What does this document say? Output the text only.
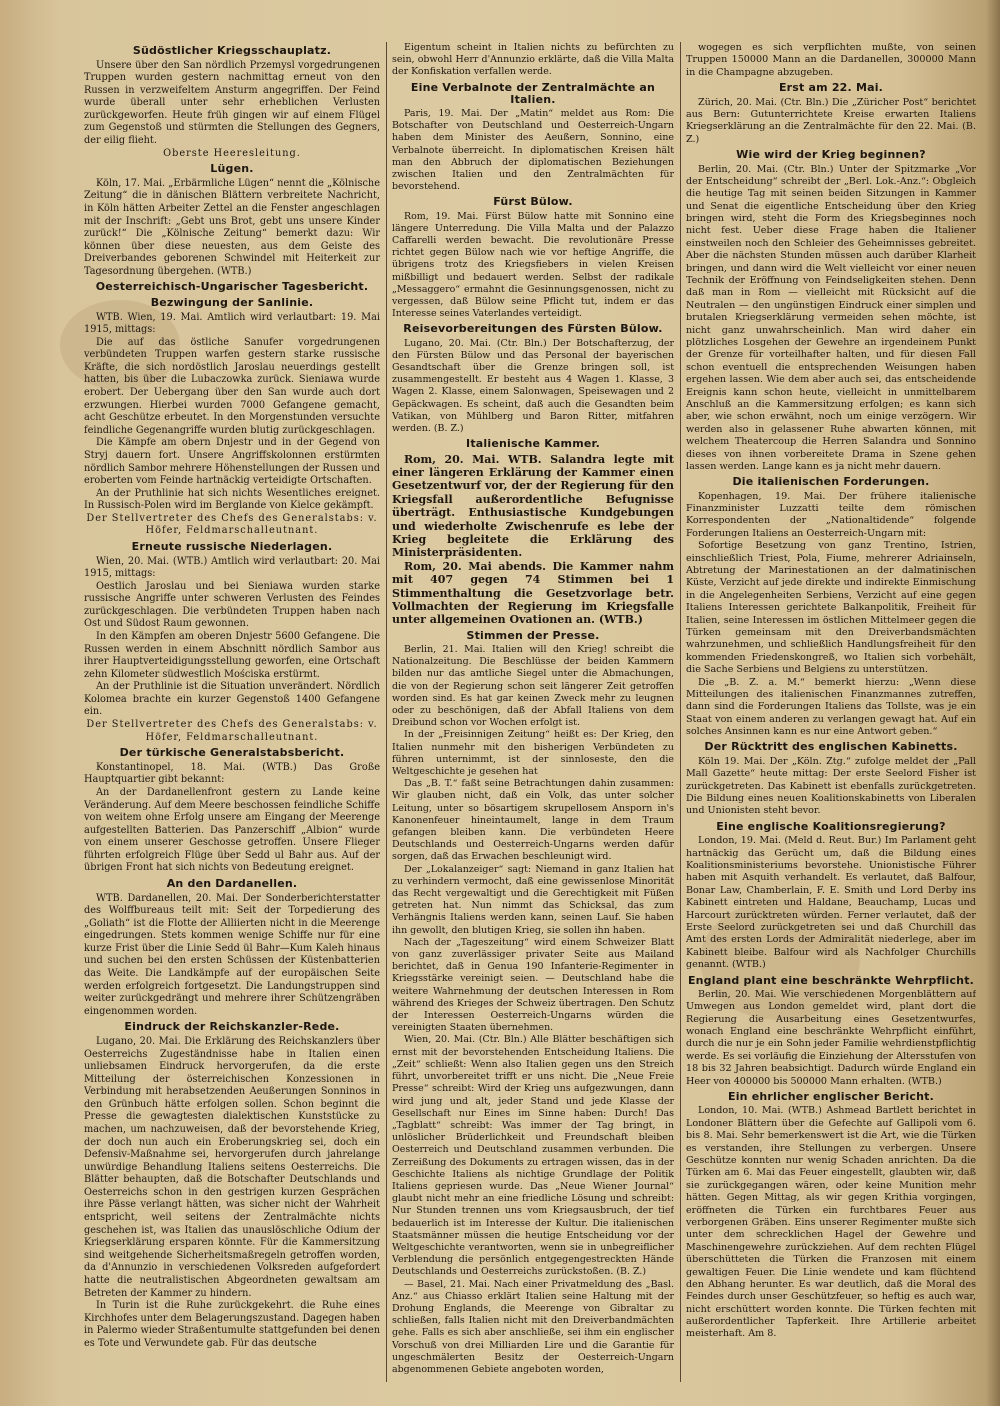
Südöstlicher Kriegsschauplatz.

Unsere über den San nördlich Przemysl vorgedrungenen Truppen wurden gestern nachmittag erneut von den Russen in verzweifeltem Ansturm angegriffen. Der Feind wurde überall unter sehr erheblichen Verlusten zurückgeworfen. Heute früh gingen wir auf einem Flügel zum Gegenstoß und stürmten die Stellungen des Gegners, der eilig flieht.

Oberste Heeresleitung.

Lügen.

Köln, 17. Mai. „Erbärmliche Lügen“ nennt die „Kölnische Zeitung“ die in dänischen Blättern verbreitete Nachricht, in Köln hätten Arbeiter Zettel an die Fenster angeschlagen mit der Inschrift: „Gebt uns Brot, gebt uns unsere Kinder zurück!“ Die „Kölnische Zeitung“ bemerkt dazu: Wir können über diese neuesten, aus dem Geiste des Dreiverbandes geborenen Schwindel mit Heiterkeit zur Tagesordnung übergehen. (WTB.)

Oesterreichisch-Ungarischer Tagesbericht.
Bezwingung der Sanlinie.

WTB. Wien, 19. Mai. Amtlich wird verlautbart: 19. Mai 1915, mittags:

Die auf das östliche Sanufer vorgedrungenen verbündeten Truppen warfen gestern starke russische Kräfte, die sich nordöstlich Jaroslau neuerdings gestellt hatten, bis über die Lubaczowka zurück. Sieniawa wurde erobert. Der Uebergang über den San wurde auch dort erzwungen. Hierbei wurden 7000 Gefangene gemacht, acht Geschütze erbeutet. In den Morgenstunden versuchte feindliche Gegenangriffe wurden blutig zurückgeschlagen.

Die Kämpfe am obern Dnjestr und in der Gegend von Stryj dauern fort. Unsere Angriffskolonnen erstürmten nördlich Sambor mehrere Höhenstellungen der Russen und eroberten vom Feinde hartnäckig verteidigte Ortschaften.

An der Pruthlinie hat sich nichts Wesentliches ereignet. In Russisch-Polen wird im Berglande von Kielce gekämpft.

Der Stellvertreter des Chefs des Generalstabs: v. Höfer, Feldmarschalleutnant.

Erneute russische Niederlagen.

Wien, 20. Mai. (WTB.) Amtlich wird verlautbart: 20. Mai 1915, mittags:

Oestlich Jaroslau und bei Sieniawa wurden starke russische Angriffe unter schweren Verlusten des Feindes zurückgeschlagen. Die verbündeten Truppen haben nach Ost und Südost Raum gewonnen.

In den Kämpfen am oberen Dnjestr 5600 Gefangene. Die Russen werden in einem Abschnitt nördlich Sambor aus ihrer Hauptverteidigungsstellung geworfen, eine Ortschaft zehn Kilometer südwestlich Mościska erstürmt.

An der Pruthlinie ist die Situation unverändert. Nördlich Kolomea brachte ein kurzer Gegenstoß 1400 Gefangene ein.

Der Stellvertreter des Chefs des Generalstabs: v. Höfer, Feldmarschalleutnant.

Der türkische Generalstabsbericht.

Konstantinopel, 18. Mai. (WTB.) Das Große Hauptquartier gibt bekannt:

An der Dardanellenfront gestern zu Lande keine Veränderung. Auf dem Meere beschossen feindliche Schiffe von weitem ohne Erfolg unsere am Eingang der Meerenge aufgestellten Batterien. Das Panzerschiff „Albion“ wurde von einem unserer Geschosse getroffen. Unsere Flieger führten erfolgreich Flüge über Sedd ul Bahr aus. Auf der übrigen Front hat sich nichts von Bedeutung ereignet.

An den Dardanellen.

WTB. Dardanellen, 20. Mai. Der Sonderberichterstatter des Wolffbureaus teilt mit: Seit der Torpedierung des „Goliath“ ist die Flotte der Alliierten nicht in die Meerenge eingedrungen. Stets kommen wenige Schiffe nur für eine kurze Frist über die Linie Sedd ül Bahr—Kum Kaleh hinaus und suchen bei den ersten Schüssen der Küstenbatterien das Weite. Die Landkämpfe auf der europäischen Seite werden erfolgreich fortgesetzt. Die Landungstruppen sind weiter zurückgedrängt und mehrere ihrer Schützengräben eingenommen worden.

Eindruck der Reichskanzler-Rede.

Lugano, 20. Mai. Die Erklärung des Reichskanzlers über Oesterreichs Zugeständnisse habe in Italien einen unliebsamen Eindruck hervorgerufen, da die erste Mitteilung der österreichischen Konzessionen in Verbindung mit herabsetzenden Aeußerungen Sonninos in den Grünbuch hätte erfolgen sollen. Schon beginnt die Presse die gewagtesten dialektischen Kunststücke zu machen, um nachzuweisen, daß der bevorstehende Krieg, der doch nun auch ein Eroberungskrieg sei, doch ein Defensiv-Maßnahme sei, hervorgerufen durch jahrelange unwürdige Behandlung Italiens seitens Oesterreichs. Die Blätter behaupten, daß die Botschafter Deutschlands und Oesterreichs schon in den gestrigen kurzen Gesprächen ihre Pässe verlangt hätten, was sicher nicht der Wahrheit entspricht, weil seitens der Zentralmächte nichts geschehen ist, was Italien das unauslöschliche Odium der Kriegserklärung ersparen könnte. Für die Kammersitzung sind weitgehende Sicherheitsmaßregeln getroffen worden, da d'Annunzio in verschiedenen Volksreden aufgefordert hatte die neutralistischen Abgeordneten gewaltsam am Betreten der Kammer zu hindern.

In Turin ist die Ruhe zurückgekehrt. die Ruhe eines Kirchhofes unter dem Belagerungszustand. Dagegen haben in Palermo wieder Straßentumulte stattgefunden bei denen es Tote und Verwundete gab. Für das deutsche

Eigentum scheint in Italien nichts zu befürchten zu sein, obwohl Herr d'Annunzio erklärte, daß die Villa Malta der Konfiskation verfallen werde.

Eine Verbalnote der Zentralmächte an Italien.

Paris, 19. Mai. Der „Matin“ meldet aus Rom: Die Botschafter von Deutschland und Oesterreich-Ungarn haben dem Minister des Aeußern, Sonnino, eine Verbalnote überreicht. In diplomatischen Kreisen hält man den Abbruch der diplomatischen Beziehungen zwischen Italien und den Zentralmächten für bevorstehend.

Fürst Bülow.

Rom, 19. Mai. Fürst Bülow hatte mit Sonnino eine längere Unterredung. Die Villa Malta und der Palazzo Caffarelli werden bewacht. Die revolutionäre Presse richtet gegen Bülow nach wie vor heftige Angriffe, die übrigens trotz des Kriegsfiebers in vielen Kreisen mißbilligt und bedauert werden. Selbst der radikale „Messaggero“ ermahnt die Gesinnungsgenossen, nicht zu vergessen, daß Bülow seine Pflicht tut, indem er das Interesse seines Vaterlandes verteidigt.

Reisevorbereitungen des Fürsten Bülow.

Lugano, 20. Mai. (Ctr. Bln.) Der Botschafterzug, der den Fürsten Bülow und das Personal der bayerischen Gesandtschaft über die Grenze bringen soll, ist zusammengestellt. Er besteht aus 4 Wagen 1. Klasse, 3 Wagen 2. Klasse, einem Salonwagen, Speisewagen und 2 Gepäckwagen. Es scheint, daß auch die Gesandten beim Vatikan, von Mühlberg und Baron Ritter, mitfahren werden. (B. Z.)

Italienische Kammer.

Rom, 20. Mai. WTB. Salandra legte mit einer längeren Erklärung der Kammer einen Gesetzentwurf vor, der der Regierung für den Kriegsfall außerordentliche Befugnisse überträgt. Enthusiastische Kundgebungen und wiederholte Zwischenrufe es lebe der Krieg begleitete die Erklärung des Ministerpräsidenten.

Rom, 20. Mai abends. Die Kammer nahm mit 407 gegen 74 Stimmen bei 1 Stimmenthaltung die Gesetzvorlage betr. Vollmachten der Regierung im Kriegsfalle unter allgemeinen Ovationen an. (WTB.)

Stimmen der Presse.

Berlin, 21. Mai. Italien will den Krieg! schreibt die Nationalzeitung. Die Beschlüsse der beiden Kammern bilden nur das amtliche Siegel unter die Abmachungen, die von der Regierung schon seit längerer Zeit getroffen worden sind. Es hat gar keinen Zweck mehr zu leugnen oder zu beschönigen, daß der Abfall Italiens von dem Dreibund schon vor Wochen erfolgt ist.

In der „Freisinnigen Zeitung“ heißt es: Der Krieg, den Italien nunmehr mit den bisherigen Verbündeten zu führen unternimmt, ist der sinnloseste, den die Weltgeschichte je gesehen hat

Das „B. T.“ faßt seine Betrachtungen dahin zusammen: Wir glauben nicht, daß ein Volk, das unter solcher Leitung, unter so bösartigem skrupellosem Ansporn in's Kanonenfeuer hineintaumelt, lange in dem Traum gefangen bleiben kann. Die verbündeten Heere Deutschlands und Oesterreich-Ungarns werden dafür sorgen, daß das Erwachen beschleunigt wird.

Der „Lokalanzeiger“ sagt: Niemand in ganz Italien hat zu verhindern vermocht, daß eine gewissenlose Minorität das Recht vergewaltigt und die Gerechtigkeit mit Füßen getreten hat. Nun nimmt das Schicksal, das zum Verhängnis Italiens werden kann, seinen Lauf. Sie haben ihn gewollt, den blutigen Krieg, sie sollen ihn haben.

Nach der „Tageszeitung“ wird einem Schweizer Blatt von ganz zuverlässiger privater Seite aus Mailand berichtet, daß in Genua 190 Infanterie-Regimenter in Kriegsstärke vereinigt seien. — Deutschland habe die weitere Wahrnehmung der deutschen Interessen in Rom während des Krieges der Schweiz übertragen. Den Schutz der Interessen Oesterreich-Ungarns würden die vereinigten Staaten übernehmen.

Wien, 20. Mai. (Ctr. Bln.) Alle Blätter beschäftigen sich ernst mit der bevorstehenden Entscheidung Italiens. Die „Zeit“ schließt: Wenn also Italien gegen uns den Streich führt, unvorbereitet trifft er uns nicht. Die „Neue Freie Presse“ schreibt: Wird der Krieg uns aufgezwungen, dann wird jung und alt, jeder Stand und jede Klasse der Gesellschaft nur Eines im Sinne haben: Durch! Das „Tagblatt“ schreibt: Was immer der Tag bringt, in unlöslicher Brüderlichkeit und Freundschaft bleiben Oesterreich und Deutschland zusammen verbunden. Die Zerreißung des Dokuments zu ertragen wissen, das in der Geschichte Italiens als nichtige Grundlage der Politik Italiens gepriesen wurde. Das „Neue Wiener Journal“ glaubt nicht mehr an eine friedliche Lösung und schreibt: Nur Stunden trennen uns vom Kriegsausbruch, der tief bedauerlich ist im Interesse der Kultur. Die italienischen Staatsmänner müssen die heutige Entscheidung vor der Weltgeschichte verantworten, wenn sie in unbegreiflicher Verblendung die persönlich entgegengestreckten Hände Deutschlands und Oesterreichs zurückstoßen. (B. Z.)

— Basel, 21. Mai. Nach einer Privatmeldung des „Basl. Anz.“ aus Chiasso erklärt Italien seine Haltung mit der Drohung Englands, die Meerenge von Gibraltar zu schließen, falls Italien nicht mit den Dreiverbandmächten gehe. Falls es sich aber anschließe, sei ihm ein englischer Vorschuß von drei Milliarden Lire und die Garantie für ungeschmälerten Besitz der Oesterreich-Ungarn abgenommenen Gebiete angeboten worden,

wogegen es sich verpflichten mußte, von seinen Truppen 150000 Mann an die Dardanellen, 300000 Mann in die Champagne abzugeben.

Erst am 22. Mai.

Zürich, 20. Mai. (Ctr. Bln.) Die „Züricher Post“ berichtet aus Bern: Gutunterrichtete Kreise erwarten Italiens Kriegserklärung an die Zentralmächte für den 22. Mai. (B. Z.)

Wie wird der Krieg beginnen?

Berlin, 20. Mai. (Ctr. Bln.) Unter der Spitzmarke „Vor der Entscheidung“ schreibt der „Berl. Lok.-Anz.“: Obgleich die heutige Tag mit seinen beiden Sitzungen in Kammer und Senat die eigentliche Entscheidung über den Krieg bringen wird, steht die Form des Kriegsbeginnes noch nicht fest. Ueber diese Frage haben die Italiener einstweilen noch den Schleier des Geheimnisses gebreitet. Aber die nächsten Stunden müssen auch darüber Klarheit bringen, und dann wird die Welt vielleicht vor einer neuen Technik der Eröffnung von Feindseligkeiten stehen. Denn daß man in Rom — vielleicht mit Rücksicht auf die Neutralen — den ungünstigen Eindruck einer simplen und brutalen Kriegserklärung vermeiden sehen möchte, ist nicht ganz unwahrscheinlich. Man wird daher ein plötzliches Losgehen der Gewehre an irgendeinem Punkt der Grenze für vorteilhafter halten, und für diesen Fall schon eventuell die entsprechenden Weisungen haben ergehen lassen. Wie dem aber auch sei, das entscheidende Ereignis kann schon heute, vielleicht in unmittelbarem Anschluß an die Kammersitzung erfolgen; es kann sich aber, wie schon erwähnt, noch um einige verzögern. Wir werden also in gelassener Ruhe abwarten können, mit welchem Theatercoup die Herren Salandra und Sonnino dieses von ihnen vorbereitete Drama in Szene gehen lassen werden. Lange kann es ja nicht mehr dauern.

Die italienischen Forderungen.

Kopenhagen, 19. Mai. Der frühere italienische Finanzminister Luzzatti teilte dem römischen Korrespondenten der „Nationaltidende“ folgende Forderungen Italiens an Oesterreich-Ungarn mit:

Sofortige Besetzung von ganz Trentino, Istrien, einschließlich Triest, Pola, Fiume, mehrerer Adriainseln, Abtretung der Marinestationen an der dalmatinischen Küste, Verzicht auf jede direkte und indirekte Einmischung in die Angelegenheiten Serbiens, Verzicht auf eine gegen Italiens Interessen gerichtete Balkanpolitik, Freiheit für Italien, seine Interessen im östlichen Mittelmeer gegen die Türken gemeinsam mit den Dreiverbandsmächten wahrzunehmen, und schließlich Handlungsfreiheit für den kommenden Friedenskongreß, wo Italien sich vorbehält, die Sache Serbiens und Belgiens zu unterstützen.

Die „B. Z. a. M.“ bemerkt hierzu: „Wenn diese Mitteilungen des italienischen Finanzmannes zutreffen, dann sind die Forderungen Italiens das Tollste, was je ein Staat von einem anderen zu verlangen gewagt hat. Auf ein solches Ansinnen kann es nur eine Antwort geben.“

Der Rücktritt des englischen Kabinetts.

Köln 19. Mai. Der „Köln. Ztg.“ zufolge meldet der „Pall Mall Gazette“ heute mittag: Der erste Seelord Fisher ist zurückgetreten. Das Kabinett ist ebenfalls zurückgetreten. Die Bildung eines neuen Koalitionskabinetts von Liberalen und Unionisten steht bevor.

Eine englische Koalitionsregierung?

London, 19. Mai. (Meld d. Reut. Bur.) Im Parlament geht hartnäckig das Gerücht um, daß die Bildung eines Koalitionsministeriums bevorstehe. Unionistische Führer haben mit Asquith verhandelt. Es verlautet, daß Balfour, Bonar Law, Chamberlain, F. E. Smith und Lord Derby ins Kabinett eintreten und Haldane, Beauchamp, Lucas und Harcourt zurücktreten würden. Ferner verlautet, daß der Erste Seelord zurückgetreten sei und daß Churchill das Amt des ersten Lords der Admiralität niederlege, aber im Kabinett bleibe. Balfour wird als Nachfolger Churchills genannt. (WTB.)

England plant eine beschränkte Wehrpflicht.

Berlin, 20. Mai. Wie verschiedenen Morgenblättern auf Umwegen aus London gemeldet wird, plant dort die Regierung die Ausarbeitung eines Gesetzentwurfes, wonach England eine beschränkte Wehrpflicht einführt, durch die nur je ein Sohn jeder Familie wehrdienstpflichtig werde. Es sei vorläufig die Einziehung der Altersstufen von 18 bis 32 Jahren beabsichtigt. Dadurch würde England ein Heer von 400000 bis 500000 Mann erhalten. (WTB.)

Ein ehrlicher englischer Bericht.

London, 10. Mai. (WTB.) Ashmead Bartlett berichtet in Londoner Blättern über die Gefechte auf Gallipoli vom 6. bis 8. Mai. Sehr bemerkenswert ist die Art, wie die Türken es verstanden, ihre Stellungen zu verbergen. Unsere Geschütze konnten nur wenig Schaden anrichten. Da die Türken am 6. Mai das Feuer eingestellt, glaubten wir, daß sie zurückgegangen wären, oder keine Munition mehr hätten. Gegen Mittag, als wir gegen Krithia vorgingen, eröffneten die Türken ein furchtbares Feuer aus verborgenen Gräben. Eins unserer Regimenter mußte sich unter dem schrecklichen Hagel der Gewehre und Maschinengewehre zurückziehen. Auf dem rechten Flügel überschütteten die Türken die Franzosen mit einem gewaltigen Feuer. Die Linie wendete und kam flüchtend den Abhang herunter. Es war deutlich, daß die Moral des Feindes durch unser Geschützfeuer, so heftig es auch war, nicht erschüttert worden konnte. Die Türken fechten mit außerordentlicher Tapferkeit. Ihre Artillerie arbeitet meisterhaft. Am 8.
